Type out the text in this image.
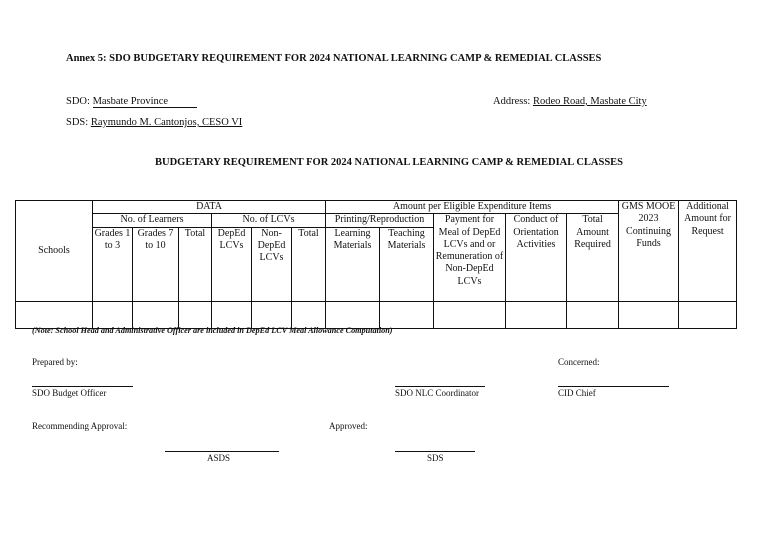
Annex 5: SDO BUDGETARY REQUIREMENT FOR 2024 NATIONAL LEARNING CAMP & REMEDIAL CLASSES
SDO: Masbate Province
SDS: Raymundo M. Cantonjos, CESO VI
Address: Rodeo Road, Masbate City
BUDGETARY REQUIREMENT FOR 2024 NATIONAL LEARNING CAMP & REMEDIAL CLASSES
Schools	DATA						Amount per Eligible Expenditure Items					GMS MOOE 2023 Continuing Funds	Additional Amount for Request
	No. of Learners			No. of LCVs			Printing/Reproduction		Payment for Meal of DepEd LCVs and or Remuneration of Non-DepEd LCVs	Conduct of Orientation Activities	Total Amount Required		
	Grades 1 to 3	Grades 7 to 10	Total	DepEd LCVs	Non-DepEd LCVs	Total	Learning Materials	Teaching Materials					

(Note: School Head and Administrative Officer are included in DepEd LCV Meal Allowance Computation)
Prepared by:	Concerned:
SDO Budget Officer	SDO NLC Coordinator	CID Chief
Recommending Approval:	Approved:
ASDS	SDS
